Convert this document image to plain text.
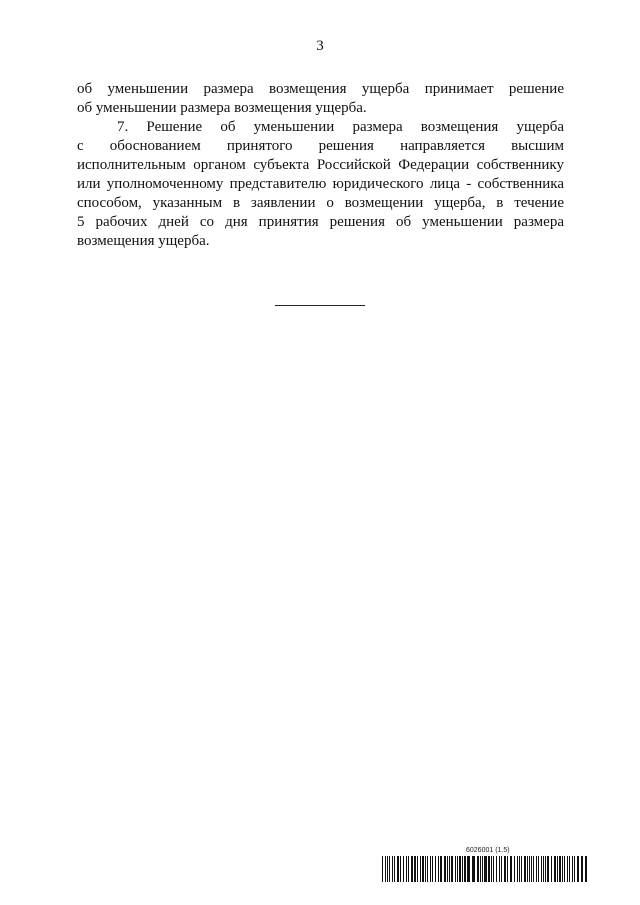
3
об уменьшении размера возмещения ущерба принимает решение
об уменьшении размера возмещения ущерба.
7. Решение об уменьшении размера возмещения ущерба
с обоснованием принятого решения направляется высшим
исполнительным органом субъекта Российской Федерации собственнику
или уполномоченному представителю юридического лица - собственника
способом, указанным в заявлении о возмещении ущерба, в течение
5 рабочих дней со дня принятия решения об уменьшении размера
возмещения ущерба.
6026001 (1.5)
